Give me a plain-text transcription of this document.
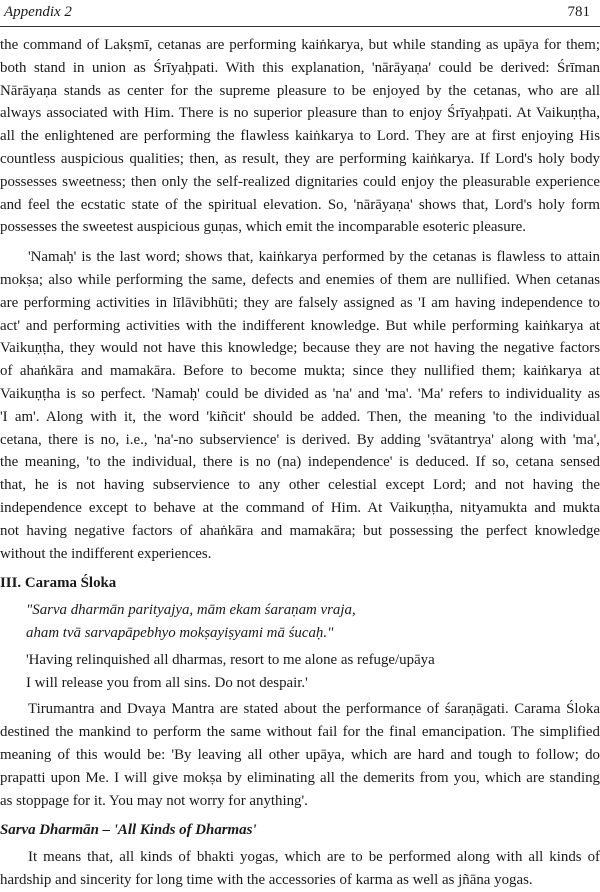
Appendix 2	781
the command of Lakṣmī, cetanas are performing kaiṅkarya, but while standing as upāya for them;
both stand in union as Śrīyaḥpati. With this explanation, 'nārāyaṇa' could be derived: Śrīman
Nārāyaṇa stands as center for the supreme pleasure to be enjoyed by the cetanas, who are all
always associated with Him. There is no superior pleasure than to enjoy Śrīyaḥpati. At Vaikuṇṭha,
all the enlightened are performing the flawless kaiṅkarya to Lord. They are at first enjoying His
countless auspicious qualities; then, as result, they are performing kaiṅkarya. If Lord's holy body
possesses sweetness; then only the self-realized dignitaries could enjoy the pleasurable experience
and feel the ecstatic state of the spiritual elevation. So, 'nārāyaṇa' shows that, Lord's holy form
possesses the sweetest auspicious guṇas, which emit the incomparable esoteric pleasure.
'Namaḥ' is the last word; shows that, kaiṅkarya performed by the cetanas is flawless to attain
mokṣa; also while performing the same, defects and enemies of them are nullified. When cetanas
are performing activities in līlāvibhūti; they are falsely assigned as 'I am having independence to
act' and performing activities with the indifferent knowledge. But while performing kaiṅkarya at
Vaikuṇṭha, they would not have this knowledge; because they are not having the negative factors
of ahaṅkāra and mamakāra. Before to become mukta; since they nullified them; kaiṅkarya at
Vaikuṇṭha is so perfect. 'Namaḥ' could be divided as 'na' and 'ma'. 'Ma' refers to individuality as
'I am'. Along with it, the word 'kiñcit' should be added. Then, the meaning 'to the individual
cetana, there is no, i.e., 'na'-no subservience' is derived. By adding 'svātantrya' along with 'ma',
the meaning, 'to the individual, there is no (na) independence' is deduced. If so, cetana sensed
that, he is not having subservience to any other celestial except Lord; and not having the
independence except to behave at the command of Him. At Vaikuṇṭha, nityamukta and mukta
not having negative factors of ahaṅkāra and mamakāra; but possessing the perfect knowledge
without the indifferent experiences.
III. Carama Śloka
"Sarva dharmān parityajya, mām ekam śaraṇam vraja,
aham tvā sarvapāpebhyo mokṣayiṣyami mā śucaḥ."
'Having relinquished all dharmas, resort to me alone as refuge/upāya
I will release you from all sins. Do not despair.'
Tirumantra and Dvaya Mantra are stated about the performance of śaraṇāgati. Carama Śloka
destined the mankind to perform the same without fail for the final emancipation. The simplified
meaning of this would be: 'By leaving all other upāya, which are hard and tough to follow; do
prapatti upon Me. I will give mokṣa by eliminating all the demerits from you, which are standing
as stoppage for it. You may not worry for anything'.
Sarva Dharmān – 'All Kinds of Dharmas'
It means that, all kinds of bhakti yogas, which are to be performed along with all kinds of
hardship and sincerity for long time with the accessories of karma as well as jñāna yogas.
